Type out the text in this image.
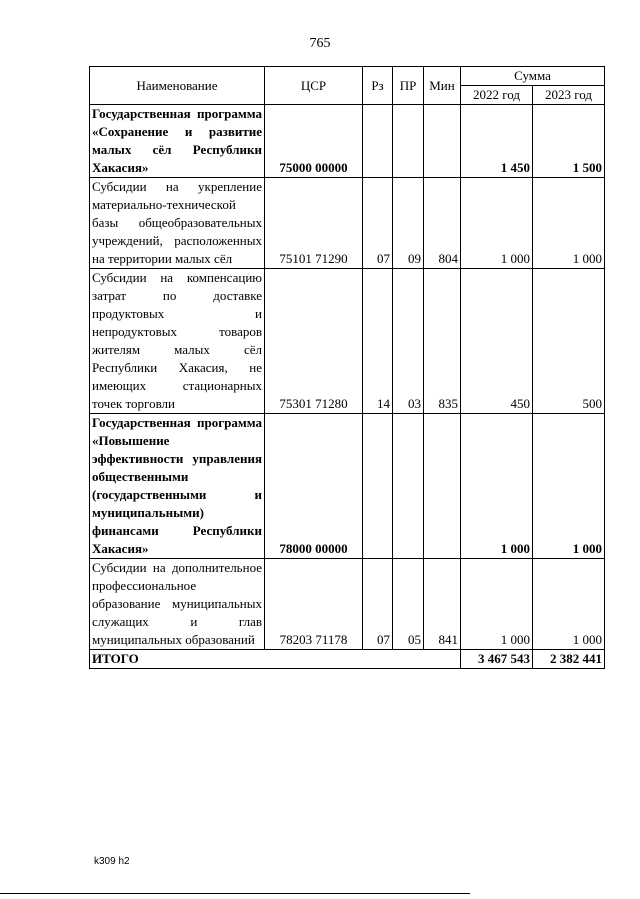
765
Наименование	ЦСР	Рз	ПР	Мин	Сумма	
					2022 год	2023 год
Государственная программа «Сохранение и развитие малых сёл Республики Хакасия»	75000 00000				1 450	1 500
Субсидии на укрепление материально-технической базы общеобразовательных учреждений, расположенных на территории малых сёл	75101 71290	07	09	804	1 000	1 000
Субсидии на компенсацию затрат по доставке продуктовых и непродуктовых товаров жителям малых сёл Республики Хакасия, не имеющих стационарных точек торговли	75301 71280	14	03	835	450	500
Государственная программа «Повышение эффективности управления общественными (государственными и муниципальными) финансами Республики Хакасия»	78000 00000				1 000	1 000
Субсидии на дополнительное профессиональное образование муниципальных служащих и глав муниципальных образований	78203 71178	07	05	841	1 000	1 000
ИТОГО					3 467 543	2 382 441
k309 h2
